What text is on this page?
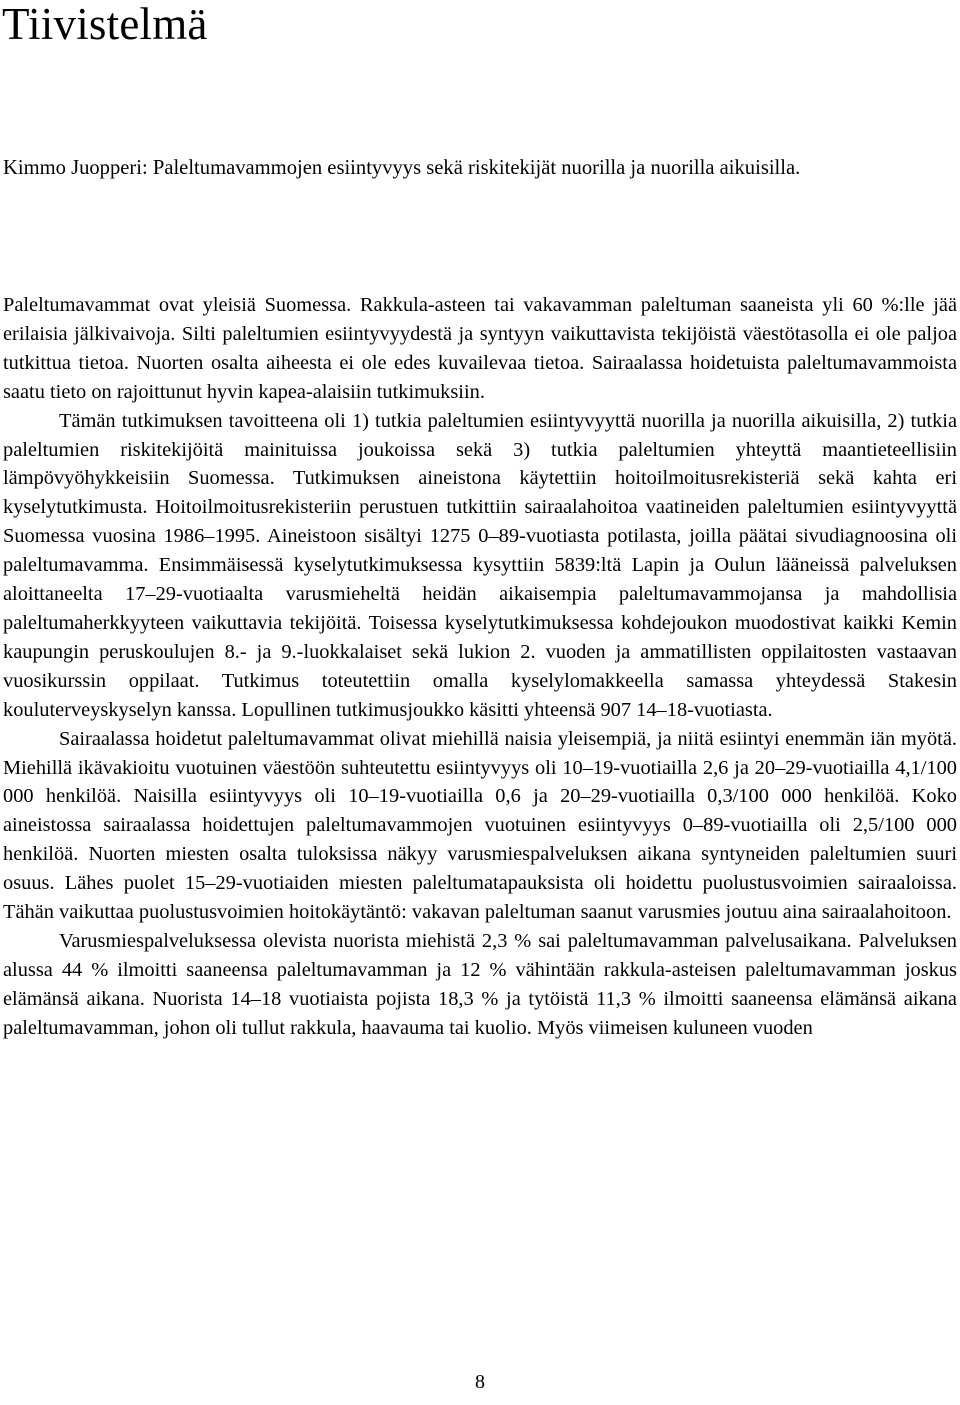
Tiivistelmä

Kimmo Juopperi: Paleltumavammojen esiintyvyys sekä riskitekijät nuorilla ja nuorilla aikuisilla.

Paleltumavammat ovat yleisiä Suomessa. Rakkula-asteen tai vakavamman paleltuman saaneista yli 60 %:lle jää erilaisia jälkivaivoja. Silti paleltumien esiintyvyydestä ja syntyyn vaikuttavista tekijöistä väestötasolla ei ole paljoa tutkittua tietoa. Nuorten osalta aiheesta ei ole edes kuvailevaa tietoa. Sairaalassa hoidetuista paleltumavammoista saatu tieto on rajoittunut hyvin kapea-alaisiin tutkimuksiin.

Tämän tutkimuksen tavoitteena oli 1) tutkia paleltumien esiintyvyyttä nuorilla ja nuorilla aikuisilla, 2) tutkia paleltumien riskitekijöitä mainituissa joukoissa sekä 3) tutkia paleltumien yhteyttä maantieteellisiin lämpövyöhykkeisiin Suomessa. Tutkimuksen aineistona käytettiin hoitoilmoitusrekisteriä sekä kahta eri kyselytutkimusta. Hoitoilmoitusrekisteriin perustuen tutkittiin sairaalahoitoa vaatineiden paleltumien esiintyvyyttä Suomessa vuosina 1986–1995. Aineistoon sisältyi 1275 0–89-vuotiasta potilasta, joilla päätai sivudiagnoosina oli paleltumavamma. Ensimmäisessä kyselytutkimuksessa kysyttiin 5839:ltä Lapin ja Oulun lääneissä palveluksen aloittaneelta 17–29-vuotiaalta varusmieheltä heidän aikaisempia paleltumavammojansa ja mahdollisia paleltumaherkkyyteen vaikuttavia tekijöitä. Toisessa kyselytutkimuksessa kohdejoukon muodostivat kaikki Kemin kaupungin peruskoulujen 8.- ja 9.-luokkalaiset sekä lukion 2. vuoden ja ammatillisten oppilaitosten vastaavan vuosikurssin oppilaat. Tutkimus toteutettiin omalla kyselylomakkeella samassa yhteydessä Stakesin kouluterveyskyselyn kanssa. Lopullinen tutkimusjoukko käsitti yhteensä 907 14–18-vuotiasta.

Sairaalassa hoidetut paleltumavammat olivat miehillä naisia yleisempiä, ja niitä esiintyi enemmän iän myötä. Miehillä ikävakioitu vuotuinen väestöön suhteutettu esiintyvyys oli 10–19-vuotiailla 2,6 ja 20–29-vuotiailla 4,1/100 000 henkilöä. Naisilla esiintyvyys oli 10–19-vuotiailla 0,6 ja 20–29-vuotiailla 0,3/100 000 henkilöä. Koko aineistossa sairaalassa hoidettujen paleltumavammojen vuotuinen esiintyvyys 0–89-vuotiailla oli 2,5/100 000 henkilöä. Nuorten miesten osalta tuloksissa näkyy varusmiespalveluksen aikana syntyneiden paleltumien suuri osuus. Lähes puolet 15–29-vuotiaiden miesten paleltumatapauksista oli hoidettu puolustusvoimien sairaaloissa. Tähän vaikuttaa puolustusvoimien hoitokäytäntö: vakavan paleltuman saanut varusmies joutuu aina sairaalahoitoon.

Varusmiespalveluksessa olevista nuorista miehistä 2,3 % sai paleltumavamman palvelusaikana. Palveluksen alussa 44 % ilmoitti saaneensa paleltumavamman ja 12 % vähintään rakkula-asteisen paleltumavamman joskus elämänsä aikana. Nuorista 14–18 vuotiaista pojista 18,3 % ja tytöistä 11,3 % ilmoitti saaneensa elämänsä aikana paleltumavamman, johon oli tullut rakkula, haavauma tai kuolio. Myös viimeisen kuluneen vuoden

8
